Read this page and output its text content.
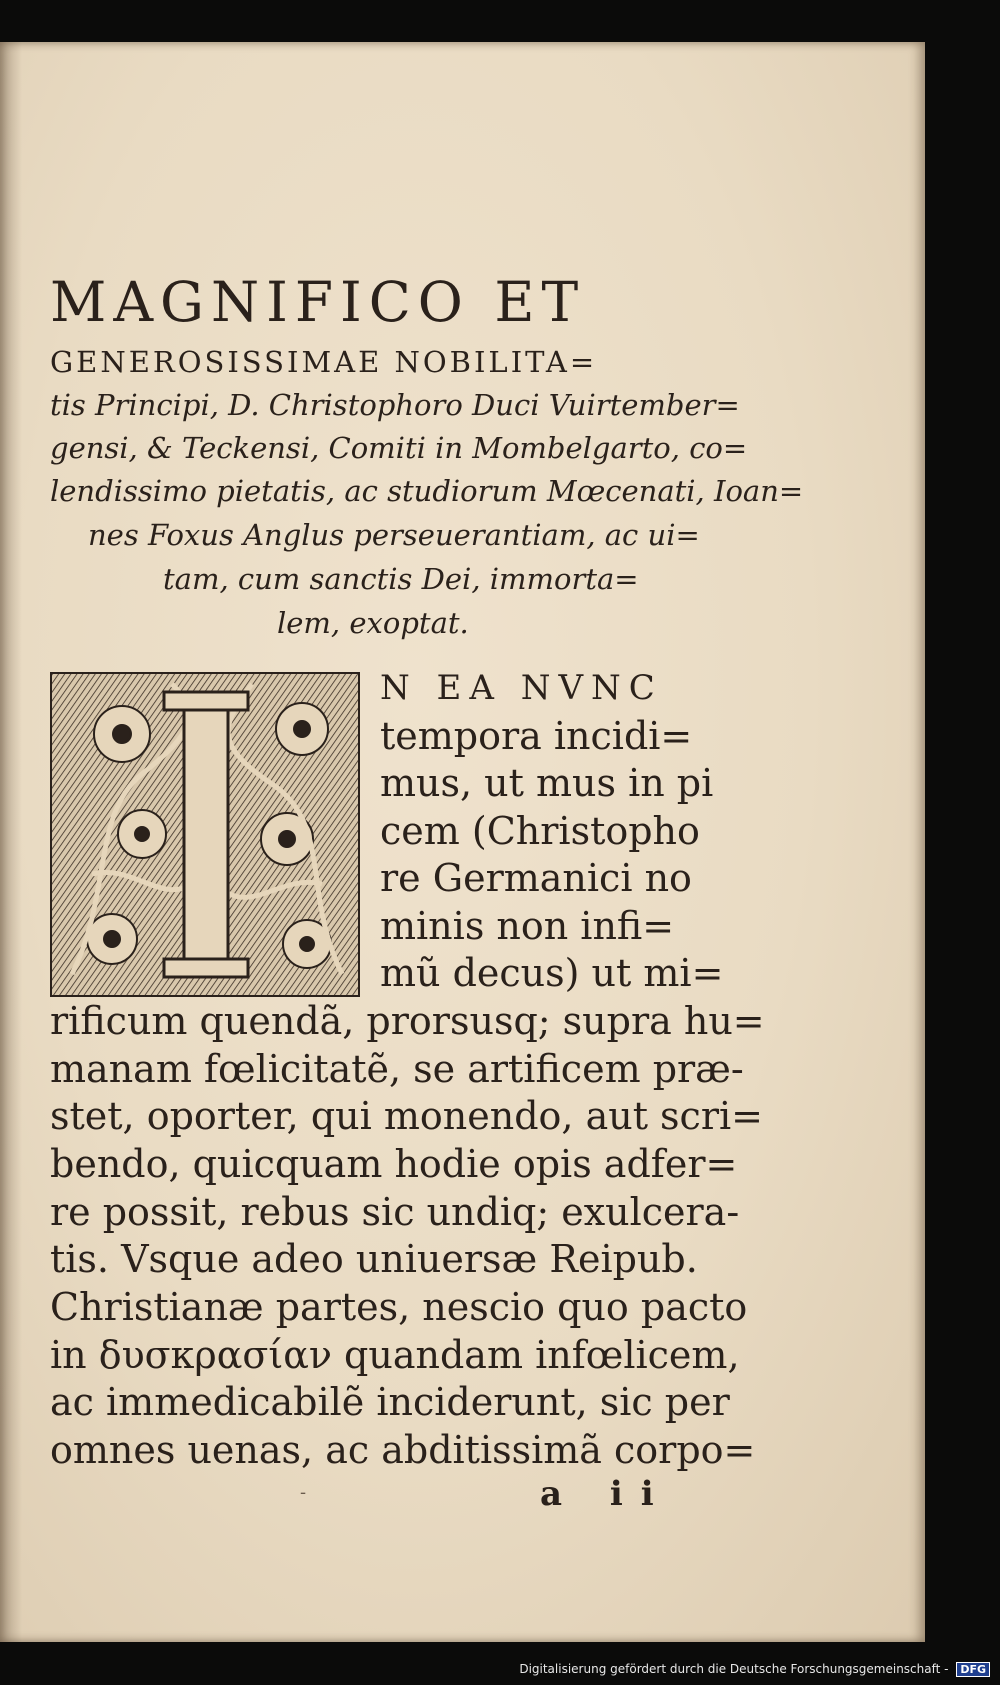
MAGNIFICO ET
GENEROSISSIMAE NOBILITA=
tis Principi, D. Christophoro Duci Vuirtember=
gensi, & Teckensi, Comiti in Mombelgarto, co=
lendissimo pietatis, ac studiorum Mœcenati, Ioan=
nes Foxus Anglus perseuerantiam, ac ui=
tam, cum sanctis Dei, immorta=
lem, exoptat.
N EA NVNC
tempora incidi=
mus, ut mus in pi
cem (Christopho
re Germanici no
minis non infi=
mũ decus) ut mi=
rificum quendã, prorsusq; supra hu=
manam fœlicitatẽ, se artificem præ-
stet, oporter, qui monendo, aut scri=
bendo, quicquam hodie opis adfer=
re possit, rebus sic undiq; exulcera-
tis. Vsque adeo uniuersæ Reipub.
Christianæ partes, nescio quo pacto
in δυσκρασίαν quandam infœlicem,
ac immedicabilẽ inciderunt, sic per
omnes uenas, ac abditissimã corpo=
-	a ii
Digitalisierung gefördert durch die Deutsche Forschungsgemeinschaft - DFG
